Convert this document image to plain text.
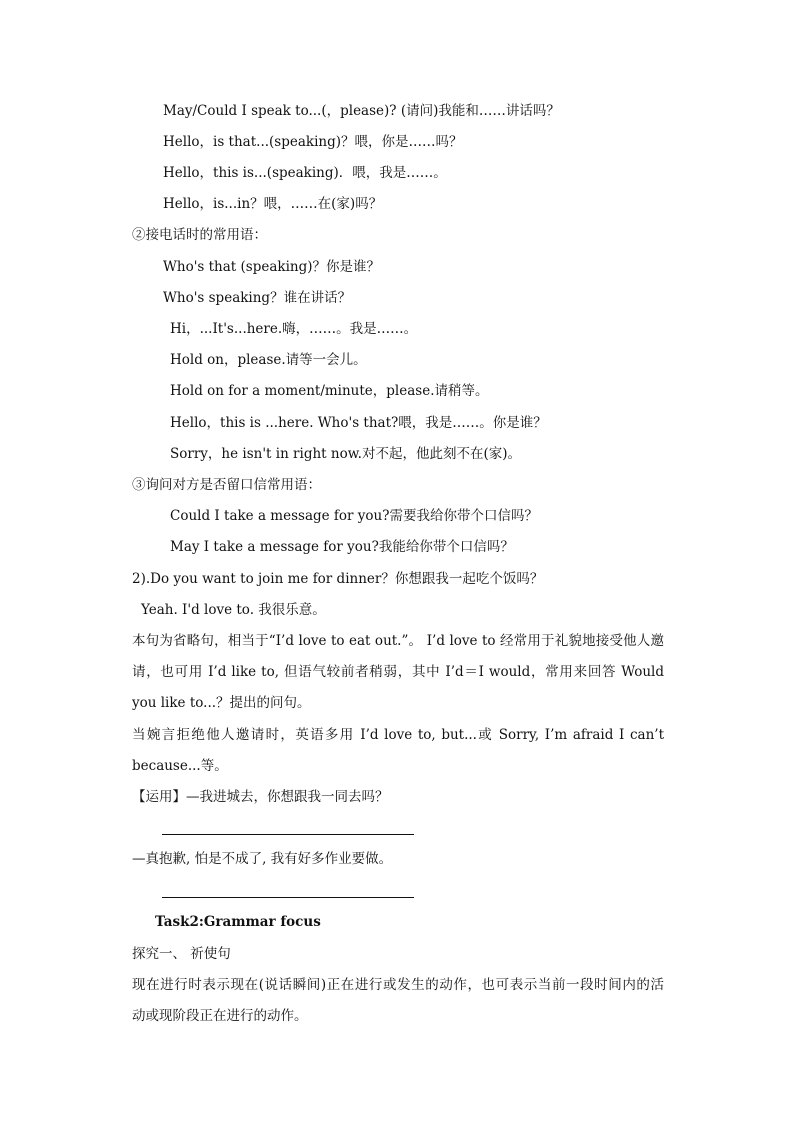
May/Could I speak to...(，please)? (请问)我能和……讲话吗？
Hello，is that...(speaking)？喂，你是……吗？
Hello，this is...(speaking)．喂，我是……。
Hello，is...in？喂，……在(家)吗？
②接电话时的常用语：
Who's that (speaking)？你是谁？
Who's speaking？谁在讲话？
Hi，...It's...here.嗨，……。我是……。
Hold on，please.请等一会儿。
Hold on for a moment/minute，please.请稍等。
Hello，this is ...here. Who's that?喂，我是……。你是谁？
Sorry，he isn't in right now.对不起，他此刻不在(家)。
③询问对方是否留口信常用语：
Could I take a message for you?需要我给你带个口信吗？
May I take a message for you?我能给你带个口信吗？
2).Do you want to join me for dinner？你想跟我一起吃个饭吗？
Yeah. I'd love to. 我很乐意。
本句为省略句，相当于“I’d love to eat out.”。 I’d love to 经常用于礼貌地接受他人邀
请，也可用 I’d like to, 但语气较前者稍弱，其中 I’d＝I would，常用来回答 Would
you like to...？提出的问句。
当婉言拒绝他人邀请时，英语多用 I’d love to, but...或 Sorry, I’m afraid I can’t
because...等。
【运用】—我进城去，你想跟我一同去吗？
—真抱歉, 怕是不成了, 我有好多作业要做。
Task2:Grammar focus
探究一、 祈使句
现在进行时表示现在(说话瞬间)正在进行或发生的动作，也可表示当前一段时间内的活
动或现阶段正在进行的动作。
